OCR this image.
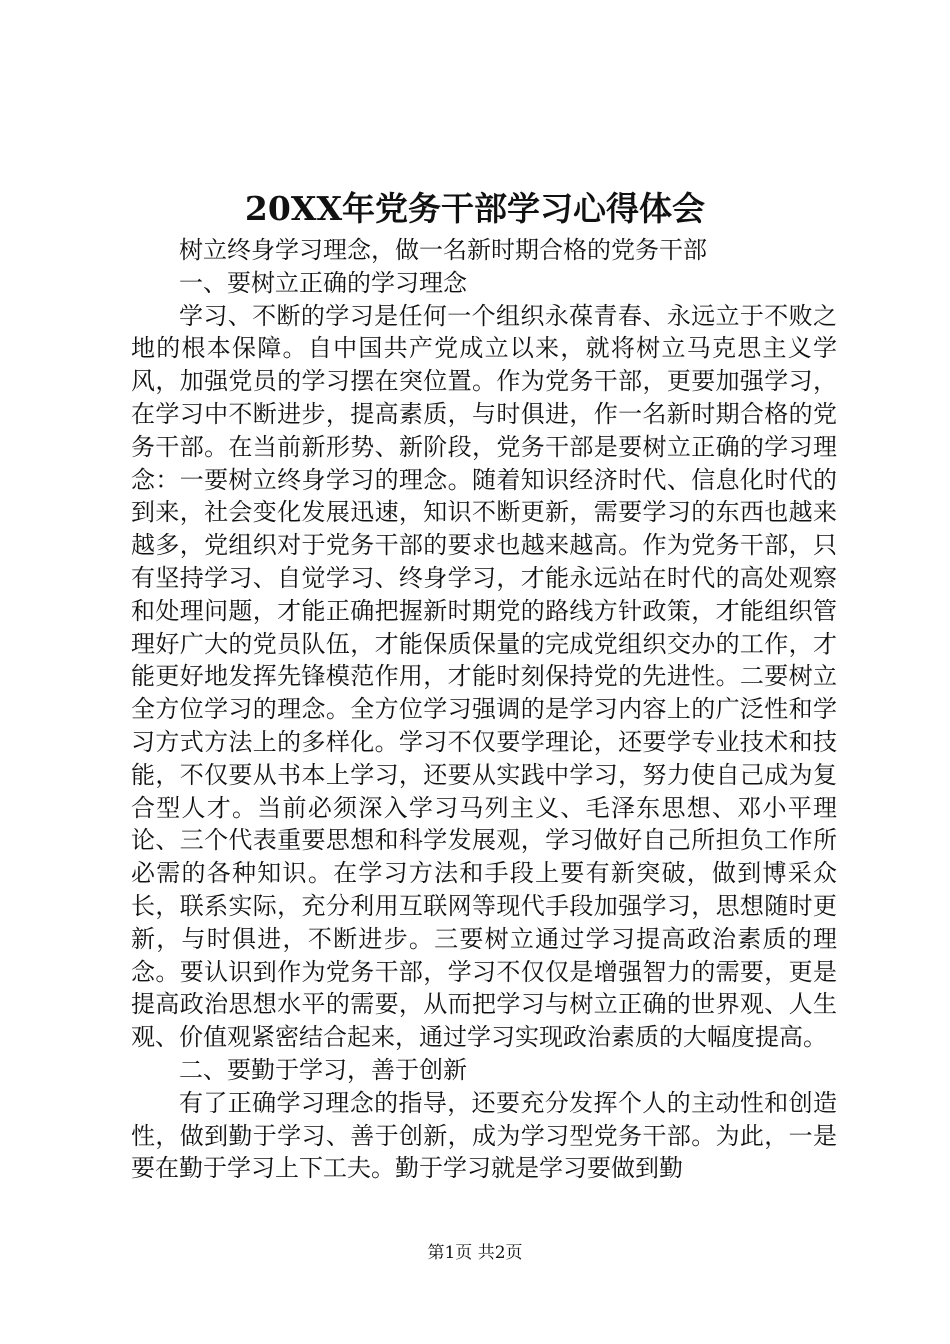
20XX年党务干部学习心得体会

树立终身学习理念，做一名新时期合格的党务干部

一、要树立正确的学习理念

学习、不断的学习是任何一个组织永葆青春、永远立于不败之地的根本保障。自中国共产党成立以来，就将树立马克思主义学风，加强党员的学习摆在突位置。作为党务干部，更要加强学习，在学习中不断进步，提高素质，与时俱进，作一名新时期合格的党务干部。在当前新形势、新阶段，党务干部是要树立正确的学习理念：一要树立终身学习的理念。随着知识经济时代、信息化时代的到来，社会变化发展迅速，知识不断更新，需要学习的东西也越来越多，党组织对于党务干部的要求也越来越高。作为党务干部，只有坚持学习、自觉学习、终身学习，才能永远站在时代的高处观察和处理问题，才能正确把握新时期党的路线方针政策，才能组织管理好广大的党员队伍，才能保质保量的完成党组织交办的工作，才能更好地发挥先锋模范作用，才能时刻保持党的先进性。二要树立全方位学习的理念。全方位学习强调的是学习内容上的广泛性和学习方式方法上的多样化。学习不仅要学理论，还要学专业技术和技能，不仅要从书本上学习，还要从实践中学习，努力使自己成为复合型人才。当前必须深入学习马列主义、毛泽东思想、邓小平理论、三个代表重要思想和科学发展观，学习做好自己所担负工作所必需的各种知识。在学习方法和手段上要有新突破，做到博采众长，联系实际，充分利用互联网等现代手段加强学习，思想随时更新，与时俱进，不断进步。三要树立通过学习提高政治素质的理念。要认识到作为党务干部，学习不仅仅是增强智力的需要，更是提高政治思想水平的需要，从而把学习与树立正确的世界观、人生观、价值观紧密结合起来，通过学习实现政治素质的大幅度提高。

二、要勤于学习，善于创新

有了正确学习理念的指导，还要充分发挥个人的主动性和创造性，做到勤于学习、善于创新，成为学习型党务干部。为此，一是要在勤于学习上下工夫。勤于学习就是学习要做到勤

第1页 共2页
